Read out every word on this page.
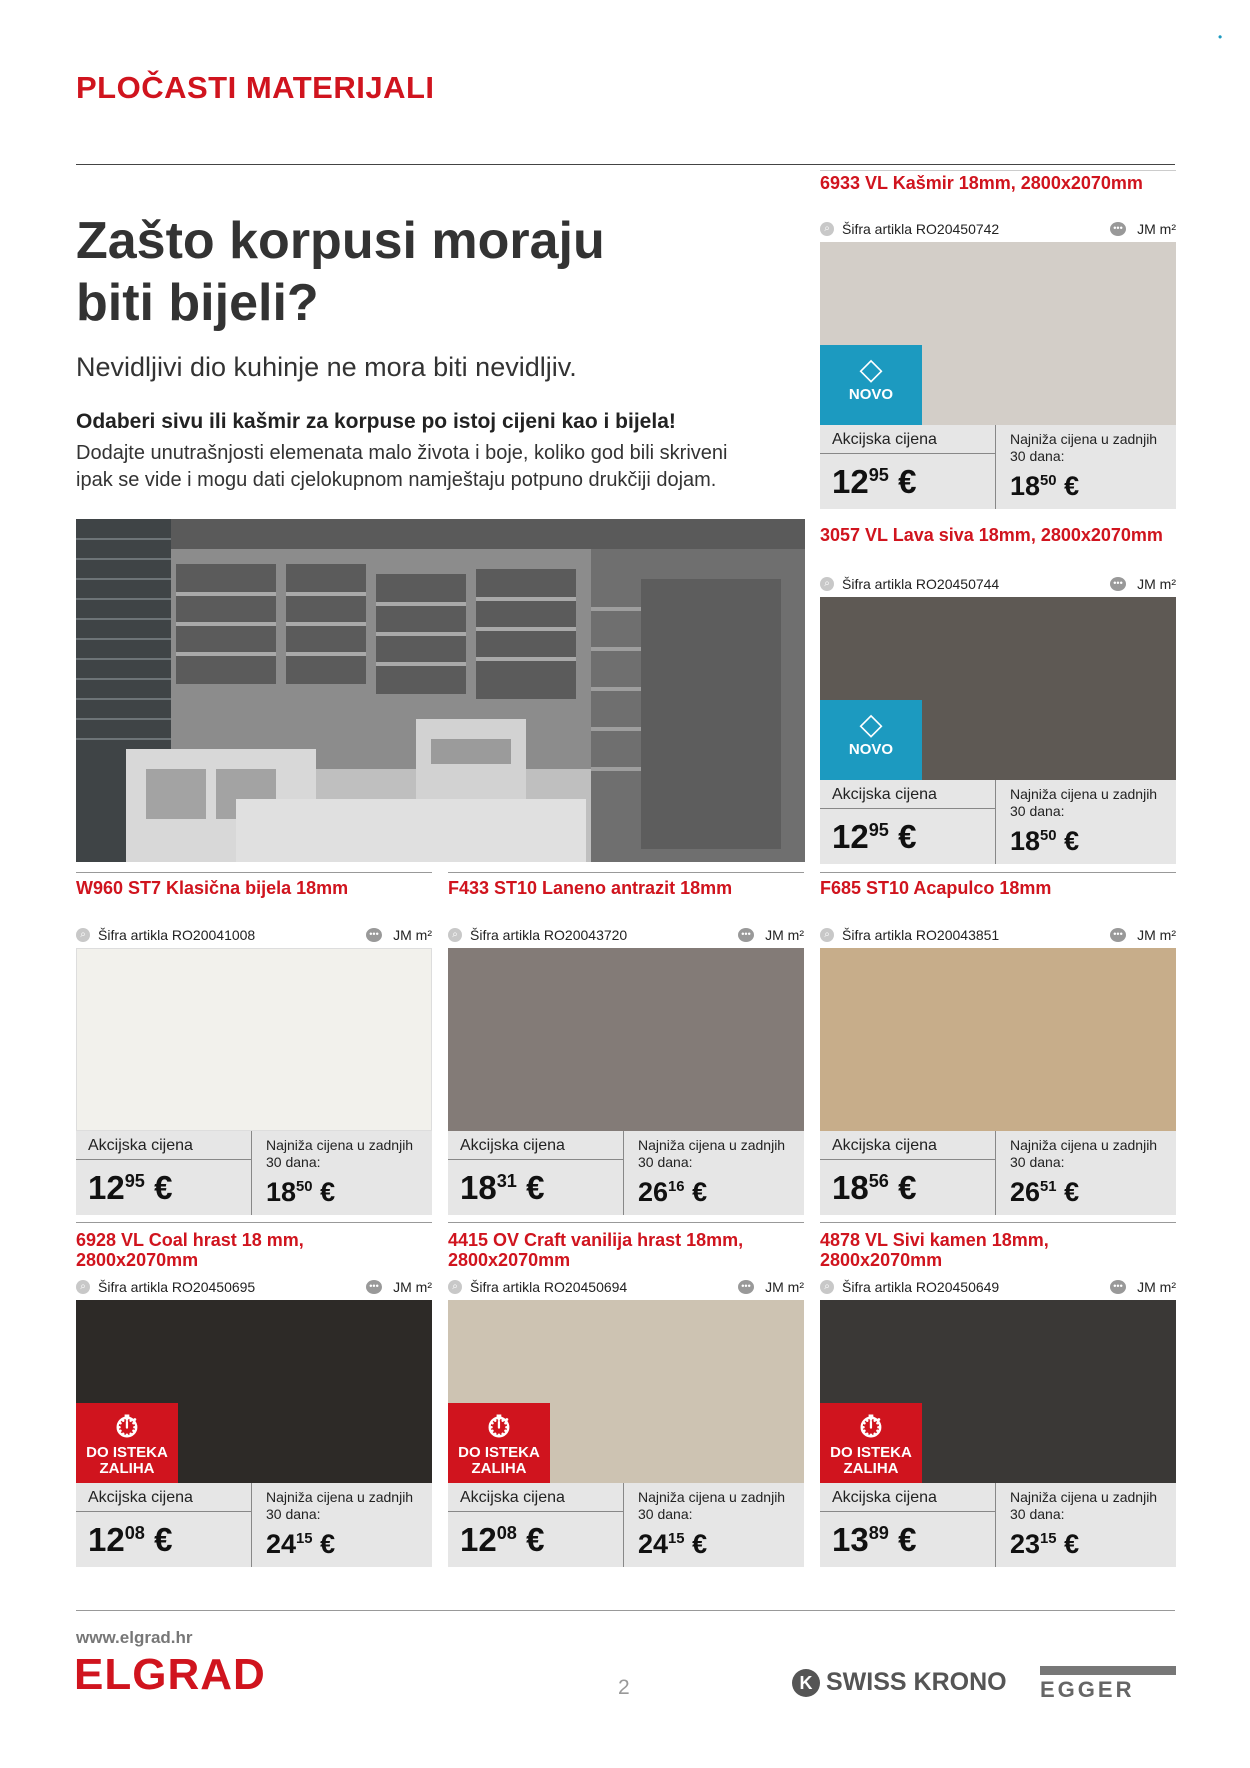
PLOČASTI MATERIJALI
•
Zašto korpusi moraju
biti bijeli?
Nevidljivi dio kuhinje ne mora biti nevidljiv.
Odaberi sivu ili kašmir za korpuse po istoj cijeni kao i bijela!
Dodajte unutrašnjosti elemenata malo života i boje, koliko god bili skriveni
ipak se vide i mogu dati cjelokupnom namještaju potpuno drukčiji dojam.
6933 VL Kašmir 18mm, 2800x2070mm
⌕ Šifra artikla RO20450742	••• JM m²
◇
NOVO
Akcijska cijena
$12^{95}$ €
Najniža cijena u zadnjih 30 dana:
$18^{50}$ €
3057 VL Lava siva 18mm, 2800x2070mm
⌕ Šifra artikla RO20450744	••• JM m²
◇
NOVO
Akcijska cijena
$12^{95}$ €
Najniža cijena u zadnjih 30 dana:
$18^{50}$ €
W960 ST7 Klasična bijela 18mm
⌕ Šifra artikla RO20041008	••• JM m²
Akcijska cijena
$12^{95}$ €
Najniža cijena u zadnjih 30 dana:
$18^{50}$ €
F433 ST10 Laneno antrazit 18mm
⌕ Šifra artikla RO20043720	••• JM m²
Akcijska cijena
$18^{31}$ €
Najniža cijena u zadnjih 30 dana:
$26^{16}$ €
F685 ST10 Acapulco 18mm
⌕ Šifra artikla RO20043851	••• JM m²
Akcijska cijena
$18^{56}$ €
Najniža cijena u zadnjih 30 dana:
$26^{51}$ €
6928 VL Coal hrast 18 mm, 2800x2070mm
⌕ Šifra artikla RO20450695	••• JM m²
⏱
DO ISTEKA
ZALIHA
Akcijska cijena
$12^{08}$ €
Najniža cijena u zadnjih 30 dana:
$24^{15}$ €
4415 OV Craft vanilija hrast 18mm, 2800x2070mm
⌕ Šifra artikla RO20450694	••• JM m²
⏱
DO ISTEKA
ZALIHA
Akcijska cijena
$12^{08}$ €
Najniža cijena u zadnjih 30 dana:
$24^{15}$ €
4878 VL Sivi kamen 18mm, 2800x2070mm
⌕ Šifra artikla RO20450649	••• JM m²
⏱
DO ISTEKA
ZALIHA
Akcijska cijena
$13^{89}$ €
Najniža cijena u zadnjih 30 dana:
$23^{15}$ €
www.elgrad.hr
ELGRAD	2	K SWISS KRONO EGGER
